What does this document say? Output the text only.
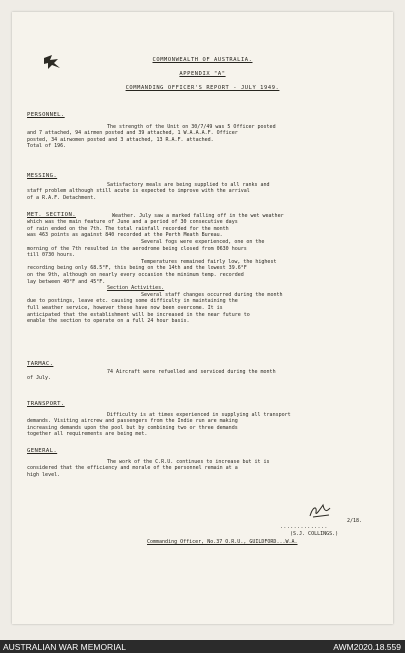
COMMONWEALTH OF AUSTRALIA.
APPENDIX "A"
COMMANDING OFFICER'S REPORT - JULY 1949.
PERSONNEL.
The strength of the Unit on 30/7/49 was 5 Officer posted
and 7 attached, 94 airmen posted and 39 attached, 1 W.A.A.A.F. Officer
posted, 34 airwomen posted and 3 attached, 13 R.A.F. attached.
Total of 196.
MESSING.
Satisfactory meals are being supplied to all ranks and
staff problem although still acute is expected to improve with the arrival
of a R.A.F. Detachment.
MET. SECTION.	Weather. July saw a marked falling off in the wet weather
which was the main feature of June and a period of 30 consecutive days
of rain ended on the 7th. The total rainfall recorded for the month
was 463 points as against 840 recorded at the Perth Meath Bureau.
Several fogs were experienced, one on the
morning of the 7th resulted in the aerodrome being closed from 0630 hours
till 0730 hours.
Temperatures remained fairly low, the highest
recording being only 68.5°F, this being on the 14th and the lowest 39.6°F
on the 9th, although on nearly every occasion the minimum temp. recorded
lay between 40°F and 45°F.
Section Activities.
Several staff changes occurred during the month
due to postings, leave etc. causing some difficulty in maintaining the
full weather service, however these have now been overcome. It is
anticipated that the establishment will be increased in the near future to
enable the section to operate on a full 24 hour basis.
TARMAC.
74 Aircraft were refuelled and serviced during the month
of July.
TRANSPORT.
Difficulty is at times experienced in supplying all transport
demands. Visiting aircrew and passengers from the Indie run are making
increasing demands upon the pool but by combining two or three demands
together all requirements are being met.
GENERAL.
The work of the C.R.U. continues to increase but it is
considered that the efficiency and morale of the personnel remain at a
high level.
2/18.
..............
(S.J. COLLINGS.)
Commanding Officer, No.37 O.R.U., GUILDFORD...W.A.
AUSTRALIAN WAR MEMORIAL	AWM2020.18.559
